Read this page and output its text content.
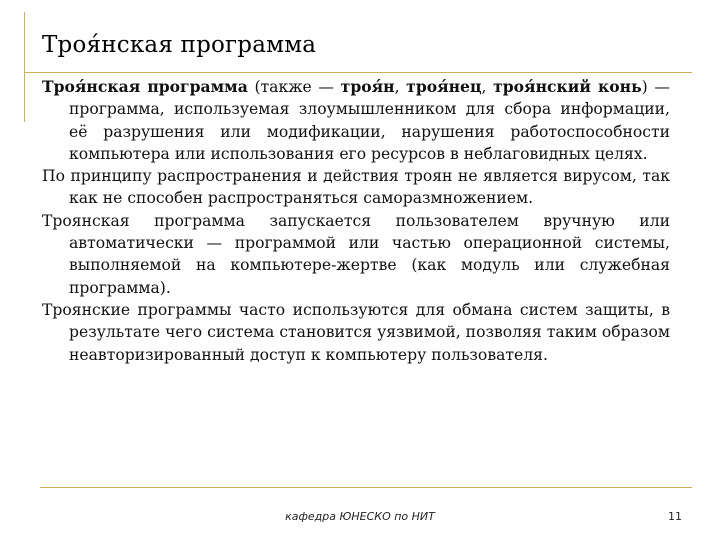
Троя́нская программа

Троя́нская программа (также — троя́н, троя́нец, троя́нский конь) — программа, используемая злоумышленником для сбора информации, её разрушения или модификации, нарушения работоспособности компьютера или использования его ресурсов в неблаговидных целях.

По принципу распространения и действия троян не является вирусом, так как не способен распространяться саморазмножением.

Троянская программа запускается пользователем вручную или автоматически — программой или частью операционной системы, выполняемой на компьютере-жертве (как модуль или служебная программа).

Троянские программы часто используются для обмана систем защиты, в результате чего система становится уязвимой, позволяя таким образом неавторизированный доступ к компьютеру пользователя.

кафедра ЮНЕСКО по НИТ	11
